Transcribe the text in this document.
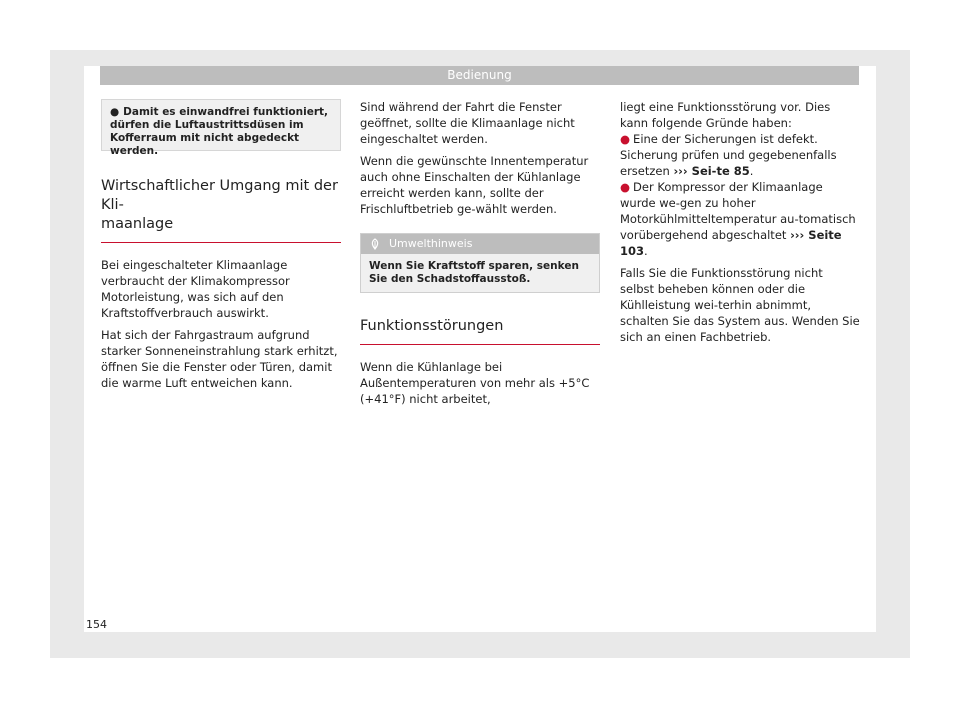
Bedienung
● Damit es einwandfrei funktioniert, dürfen die Luftaustrittsdüsen im Kofferraum mit nicht abgedeckt werden.
Wirtschaftlicher Umgang mit der Kli-
maanlage

Bei eingeschalteter Klimaanlage verbraucht der Klimakompressor Motorleistung, was sich auf den Kraftstoffverbrauch auswirkt.

Hat sich der Fahrgastraum aufgrund starker Sonneneinstrahlung stark erhitzt, öffnen Sie die Fenster oder Türen, damit die warme Luft entweichen kann.

Sind während der Fahrt die Fenster geöffnet, sollte die Klimaanlage nicht eingeschaltet werden.

Wenn die gewünschte Innentemperatur auch ohne Einschalten der Kühlanlage erreicht werden kann, sollte der Frischluftbetrieb ge-wählt werden.

Umwelthinweis
Wenn Sie Kraftstoff sparen, senken Sie den Schadstoffausstoß.
Funktionsstörungen

Wenn die Kühlanlage bei Außentemperaturen von mehr als +5°C (+41°F) nicht arbeitet,

liegt eine Funktionsstörung vor. Dies kann folgende Gründe haben:

● Eine der Sicherungen ist defekt. Sicherung prüfen und gegebenenfalls ersetzen ››› Sei-te 85.

● Der Kompressor der Klimaanlage wurde we-gen zu hoher Motorkühlmitteltemperatur au-tomatisch vorübergehend abgeschaltet ››› Seite 103.

Falls Sie die Funktionsstörung nicht selbst beheben können oder die Kühlleistung wei-terhin abnimmt, schalten Sie das System aus. Wenden Sie sich an einen Fachbetrieb.

154
